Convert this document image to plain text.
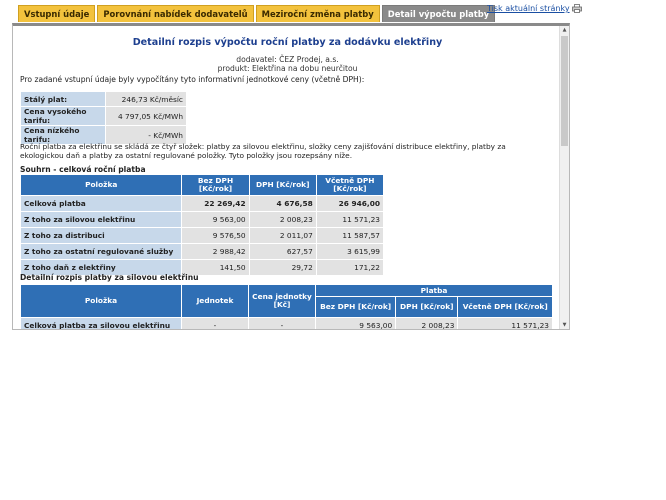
Vstupní údaje	Porovnání nabídek dodavatelů	Meziroční změna platby	Detail výpočtu platby
Tisk aktuální stránky
Detailní rozpis výpočtu roční platby za dodávku elektřiny
dodavatel: ČEZ Prodej, a.s.
produkt: Elektřina na dobu neurčitou
Pro zadané vstupní údaje byly vypočítány tyto informativní jednotkové ceny (včetně DPH):
Stálý plat:	246,73 Kč/měsíc
Cena vysokého tarifu:	4 797,05 Kč/MWh
Cena nízkého tarifu:	- Kč/MWh
Roční platba za elektřinu se skládá ze čtyř složek: platby za silovou elektřinu, složky ceny zajišťování distribuce elektřiny, platby za ekologickou daň a platby za ostatní regulované položky. Tyto položky jsou rozepsány níže.
Souhrn - celková roční platba
Položka	Bez DPH [Kč/rok]	DPH [Kč/rok]	Včetně DPH [Kč/rok]
Celková platba	22 269,42	4 676,58	26 946,00
Z toho za silovou elektřinu	9 563,00	2 008,23	11 571,23
Z toho za distribuci	9 576,50	2 011,07	11 587,57
Z toho za ostatní regulované služby	2 988,42	627,57	3 615,99
Z toho daň z elektřiny	141,50	29,72	171,22
Detailní rozpis platby za silovou elektřinu
Položka	Jednotek	Cena jednotky [Kč]	Platba		
			Bez DPH [Kč/rok]	DPH [Kč/rok]	Včetně DPH [Kč/rok]
Celková platba za silovou elektřinu	-	-	9 563,00	2 008,23	11 571,23
▲
▼
